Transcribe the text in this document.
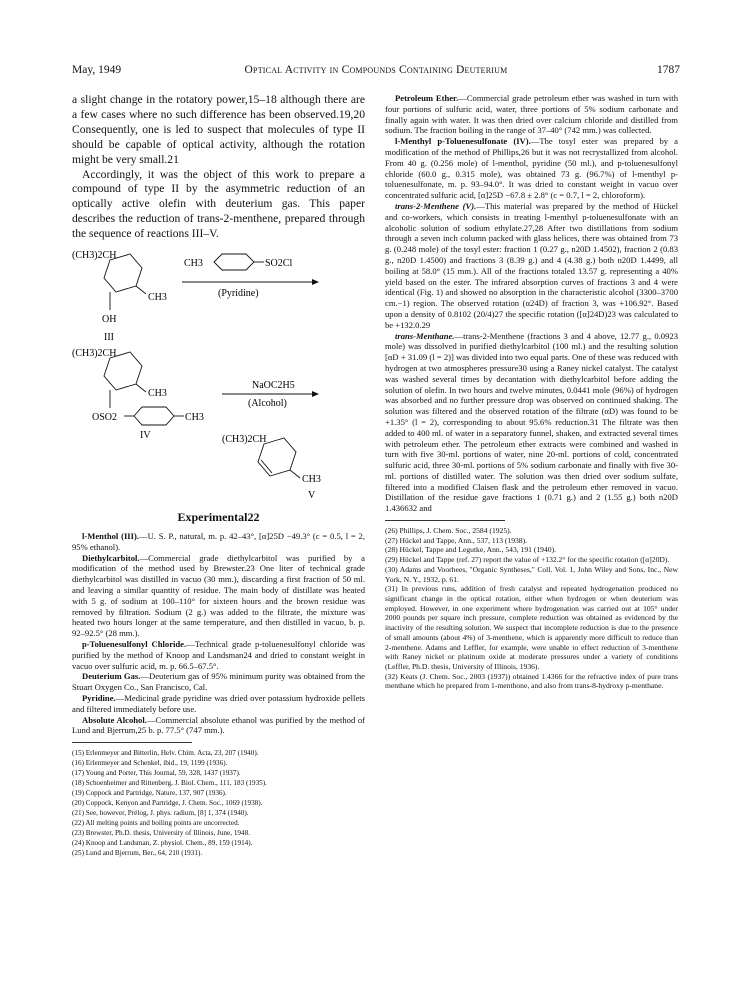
May, 1949	Optical Activity in Compounds Containing Deuterium	1787

a slight change in the rotatory power,15–18 although there are a few cases where no such difference has been observed.19,20 Consequently, one is led to suspect that molecules of type II should be capable of optical activity, although the rotation might be very small.21

Accordingly, it was the object of this work to prepare a compound of type II by the asymmetric reduction of an optically active olefin with deuterium gas. This paper describes the reduction of trans-2-menthene, prepared through the sequence of reactions III–V.

(CH3)2CH
CH3
OH
III
CH3	SO2Cl
(Pyridine)
(CH3)2CH
CH3
OSO2	CH3
IV
NaOC2H5
(Alcohol)
(CH3)2CH
CH3
V
Experimental22

l-Menthol (III).—U. S. P., natural, m. p. 42–43°, [α]25D −49.3° (c = 0.5, l = 2, 95% ethanol).

Diethylcarbitol.—Commercial grade diethylcarbitol was purified by a modification of the method used by Brewster.23 One liter of technical grade diethylcarbitol was distilled in vacuo (30 mm.), discarding a first fraction of 50 ml. and leaving a similar quantity of residue. The main body of distillate was heated with 5 g. of sodium at 100–110° for sixteen hours and the brown residue was removed by filtration. Sodium (2 g.) was added to the filtrate, the mixture was heated two hours longer at the same temperature, and then distilled in vacuo, b. p. 92–92.5° (28 mm.).

p-Toluenesulfonyl Chloride.—Technical grade p-toluenesulfonyl chloride was purified by the method of Knoop and Landsman24 and dried to constant weight in vacuo over sulfuric acid, m. p. 66.5–67.5°.

Deuterium Gas.—Deuterium gas of 95% minimum purity was obtained from the Stuart Oxygen Co., San Francisco, Cal.

Pyridine.—Medicinal grade pyridine was dried over potassium hydroxide pellets and filtered immediately before use.

Absolute Alcohol.—Commercial absolute ethanol was purified by the method of Lund and Bjerrum,25 b. p. 77.5° (747 mm.).

(15) Erlenmeyer and Bitterlin, Helv. Chim. Acta, 23, 207 (1940).

(16) Erlenmeyer and Schenkel, ibid., 19, 1199 (1936).

(17) Young and Porter, This Journal, 59, 328, 1437 (1937).

(18) Schoenheimer and Rittenberg, J. Biol. Chem., 111, 183 (1935).

(19) Coppock and Partridge, Nature, 137, 907 (1936).

(20) Coppock, Kenyon and Partridge, J. Chem. Soc., 1069 (1938).

(21) See, however, Prélog, J. phys. radium, [8] 1, 374 (1940).

(22) All melting points and boiling points are uncorrected.

(23) Brewster, Ph.D. thesis, University of Illinois, June, 1948.

(24) Knoop and Landsman, Z. physiol. Chem., 89, 159 (1914).

(25) Lund and Bjerrum, Ber., 64, 210 (1931).

Petroleum Ether.—Commercial grade petroleum ether was washed in turn with four portions of sulfuric acid, water, three portions of 5% sodium carbonate and finally again with water. It was then dried over calcium chloride and distilled from sodium. The fraction boiling in the range of 37–40° (742 mm.) was collected.

l-Menthyl p-Toluenesulfonate (IV).—The tosyl ester was prepared by a modification of the method of Phillips,26 but it was not recrystallized from alcohol. From 40 g. (0.256 mole) of l-menthol, pyridine (50 ml.), and p-toluenesulfonyl chloride (60.0 g., 0.315 mole), was obtained 73 g. (96.7%) of l-menthyl p-toluenesulfonate, m. p. 93–94.0°. It was dried to constant weight in vacuo over concentrated sulfuric acid, [α]25D −67.8 ± 2.8° (c = 0.7, l = 2, chloroform).

trans-2-Menthene (V).—This material was prepared by the method of Hückel and co-workers, which consists in treating l-menthyl p-toluenesulfonate with an alcoholic solution of sodium ethylate.27,28 After two distillations from sodium through a seven inch column packed with glass helices, there was obtained from 73 g. (0.248 mole) of the tosyl ester: fraction 1 (0.27 g., n20D 1.4502), fraction 2 (0.83 g., n20D 1.4500) and fractions 3 (8.39 g.) and 4 (4.38 g.) both n20D 1.4499, all boiling at 58.0° (15 mm.). All of the fractions totaled 13.57 g. representing a 40% yield based on the ester. The infrared absorption curves of fractions 3 and 4 were identical (Fig. 1) and showed no absorption in the characteristic alcohol (3300–3700 cm.−1) region. The observed rotation (α24D) of fraction 3, was +106.92°. Based upon a density of 0.8102 (20/4)27 the specific rotation ([α]24D)23 was calculated to be +132.0.29

trans-Menthane.—trans-2-Menthene (fractions 3 and 4 above, 12.77 g., 0.0923 mole) was dissolved in purified diethylcarbitol (100 ml.) and the resulting solution [αD + 31.09 (l = 2)] was divided into two equal parts. One of these was reduced with hydrogen at two atmospheres pressure30 using a Raney nickel catalyst. The catalyst was washed several times by decantation with diethylcarbitol before adding the solution of olefin. In two hours and twelve minutes, 0.0441 mole (96%) of hydrogen was absorbed and no further pressure drop was observed on continued shaking. The solution was filtered and the observed rotation of the filtrate (αD) was found to be +1.35° (l = 2), corresponding to about 95.6% reduction.31 The filtrate was then added to 400 ml. of water in a separatory funnel, shaken, and extracted several times with petroleum ether. The petroleum ether extracts were combined and washed in turn with five 30-ml. portions of water, nine 20-ml. portions of cold, concentrated sulfuric acid, three 30-ml. portions of 5% sodium carbonate and finally with five 30-ml. portions of distilled water. The solution was then dried over sodium sulfate, filtered into a modified Claisen flask and the petroleum ether removed in vacuo. Distillation of the residue gave fractions 1 (0.71 g.) and 2 (1.55 g.) both n20D 1.436632 and

(26) Phillips, J. Chem. Soc., 2584 (1925).

(27) Hückel and Tappe, Ann., 537, 113 (1938).

(28) Hückel, Tappe and Legutke, Ann., 543, 191 (1940).

(29) Hückel and Tappe (ref. 27) report the value of +132.2° for the specific rotation ([α]20D).

(30) Adams and Voorhees, "Organic Syntheses," Coll. Vol. 1, John Wiley and Sons, Inc., New York, N. Y., 1932, p. 61.

(31) In previous runs, addition of fresh catalyst and repeated hydrogenation produced no significant change in the optical rotation, either when hydrogen or when deuterium was employed. However, in one experiment where hydrogenation was carried out at 105° under 2000 pounds per square inch pressure, complete reduction was obtained as evidenced by the inactivity of the resulting solution. We suspect that incomplete reduction is due to the presence of small amounts (about 4%) of 3-menthene, which is apparently more difficult to reduce than 2-menthene. Adams and Leffler, for example, were unable to effect reduction of 3-menthene with Raney nickel or platinum oxide at moderate pressures under a variety of conditions (Leffler, Ph.D. thesis, University of Illinois, 1936).

(32) Keats (J. Chem. Soc., 2003 (1937)) obtained 1.4366 for the refractive index of pure trans menthane which he prepared from 1-menthone, and also from trans-8-hydroxy p-menthane.
